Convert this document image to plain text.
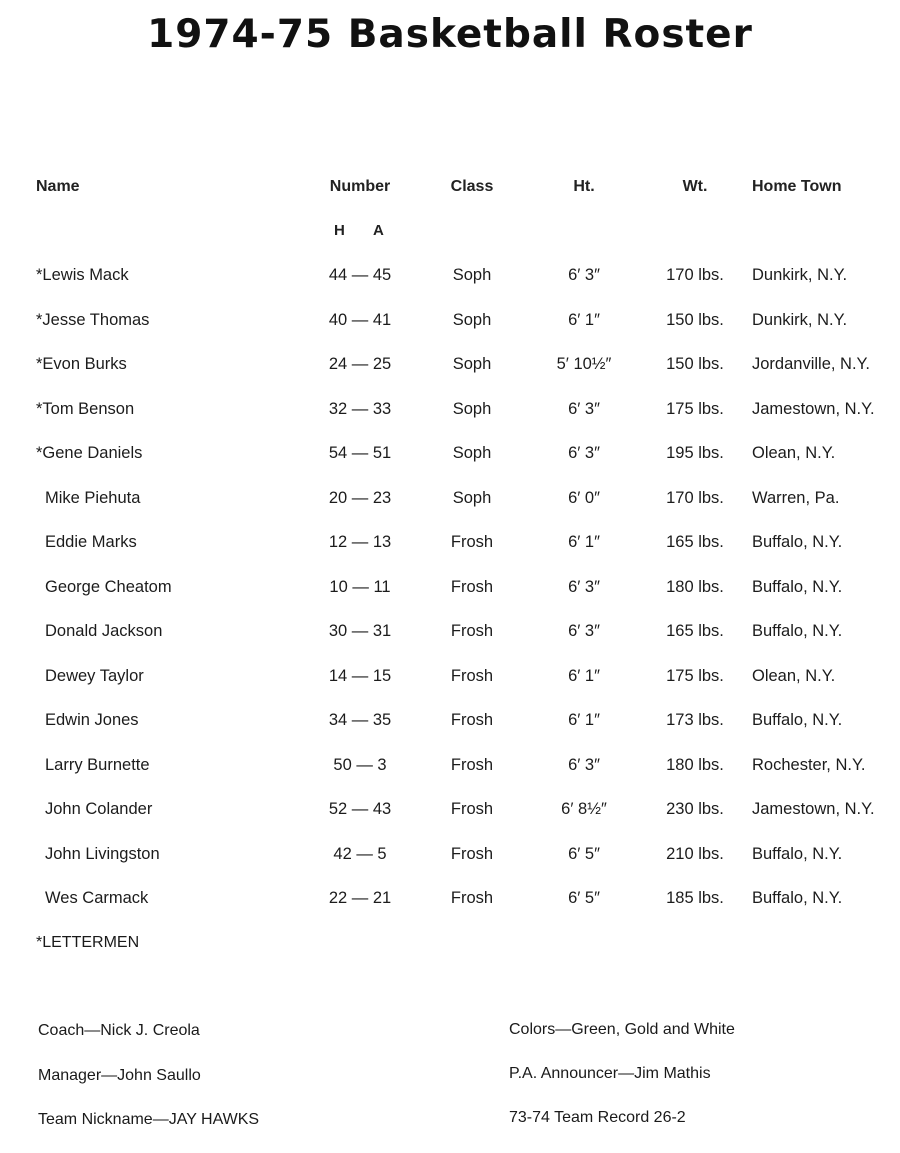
1974-75 Basketball Roster
Name	Number	Class	Ht.	Wt.	Home Town
H A
*Lewis Mack	44 — 45	Soph	6′ 3″	170 lbs.	Dunkirk, N.Y.
*Jesse Thomas	40 — 41	Soph	6′ 1″	150 lbs.	Dunkirk, N.Y.
*Evon Burks	24 — 25	Soph	5′ 10½″	150 lbs.	Jordanville, N.Y.
*Tom Benson	32 — 33	Soph	6′ 3″	175 lbs.	Jamestown, N.Y.
*Gene Daniels	54 — 51	Soph	6′ 3″	195 lbs.	Olean, N.Y.
Mike Piehuta	20 — 23	Soph	6′ 0″	170 lbs.	Warren, Pa.
Eddie Marks	12 — 13	Frosh	6′ 1″	165 lbs.	Buffalo, N.Y.
George Cheatom	10 — 11	Frosh	6′ 3″	180 lbs.	Buffalo, N.Y.
Donald Jackson	30 — 31	Frosh	6′ 3″	165 lbs.	Buffalo, N.Y.
Dewey Taylor	14 — 15	Frosh	6′ 1″	175 lbs.	Olean, N.Y.
Edwin Jones	34 — 35	Frosh	6′ 1″	173 lbs.	Buffalo, N.Y.
Larry Burnette	50 — 3	Frosh	6′ 3″	180 lbs.	Rochester, N.Y.
John Colander	52 — 43	Frosh	6′ 8½″	230 lbs.	Jamestown, N.Y.
John Livingston	42 — 5	Frosh	6′ 5″	210 lbs.	Buffalo, N.Y.
Wes Carmack	22 — 21	Frosh	6′ 5″	185 lbs.	Buffalo, N.Y.
*LETTERMEN
Coach—Nick J. Creola
Manager—John Saullo
Team Nickname—JAY HAWKS
Colors—Green, Gold and White
P.A. Announcer—Jim Mathis
73-74 Team Record 26-2
